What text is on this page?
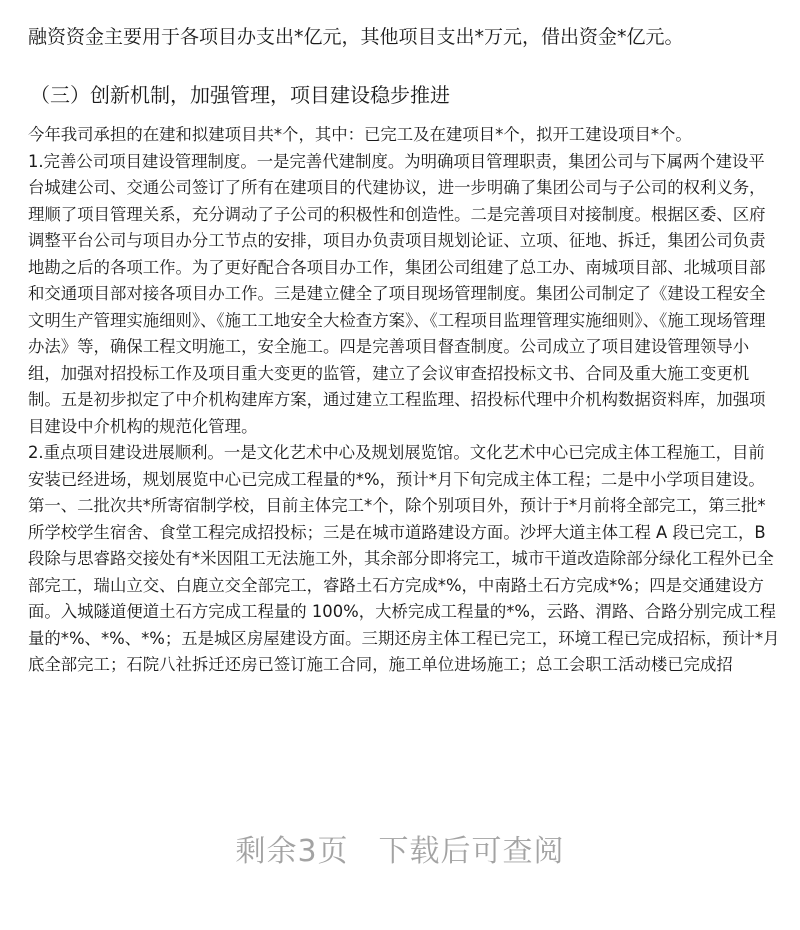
融资资金主要用于各项目办支出*亿元，其他项目支出*万元，借出资金*亿元。
（三）创新机制，加强管理，项目建设稳步推进

今年我司承担的在建和拟建项目共*个，其中：已完工及在建项目*个，拟开工建设项目*个。

1.完善公司项目建设管理制度。一是完善代建制度。为明确项目管理职责，集团公司与下属两个建设平台城建公司、交通公司签订了所有在建项目的代建协议，进一步明确了集团公司与子公司的权利义务，理顺了项目管理关系，充分调动了子公司的积极性和创造性。二是完善项目对接制度。根据区委、区府调整平台公司与项目办分工节点的安排，项目办负责项目规划论证、立项、征地、拆迁，集团公司负责地勘之后的各项工作。为了更好配合各项目办工作，集团公司组建了总工办、南城项目部、北城项目部和交通项目部对接各项目办工作。三是建立健全了项目现场管理制度。集团公司制定了《建设工程安全文明生产管理实施细则》、《施工工地安全大检查方案》、《工程项目监理管理实施细则》、《施工现场管理办法》等，确保工程文明施工，安全施工。四是完善项目督查制度。公司成立了项目建设管理领导小组，加强对招投标工作及项目重大变更的监管，建立了会议审查招投标文书、合同及重大施工变更机制。五是初步拟定了中介机构建库方案，通过建立工程监理、招投标代理中介机构数据资料库，加强项目建设中介机构的规范化管理。

2.重点项目建设进展顺利。一是文化艺术中心及规划展览馆。文化艺术中心已完成主体工程施工，目前安装已经进场，规划展览中心已完成工程量的*%，预计*月下旬完成主体工程；二是中小学项目建设。第一、二批次共*所寄宿制学校，目前主体完工*个，除个别项目外，预计于*月前将全部完工，第三批*所学校学生宿舍、食堂工程完成招投标；三是在城市道路建设方面。沙坪大道主体工程 A 段已完工，B 段除与思睿路交接处有*米因阻工无法施工外，其余部分即将完工，城市干道改造除部分绿化工程外已全部完工，瑞山立交、白鹿立交全部完工，睿路土石方完成*%，中南路土石方完成*%；四是交通建设方面。入城隧道便道土石方完成工程量的 100%，大桥完成工程量的*%，云路、渭路、合路分别完成工程量的*%、*%、*%；五是城区房屋建设方面。三期还房主体工程已完工，环境工程已完成招标，预计*月底全部完工；石院八社拆迁还房已签订施工合同，施工单位进场施工；总工会职工活动楼已完成招

剩余3页 下载后可查阅
